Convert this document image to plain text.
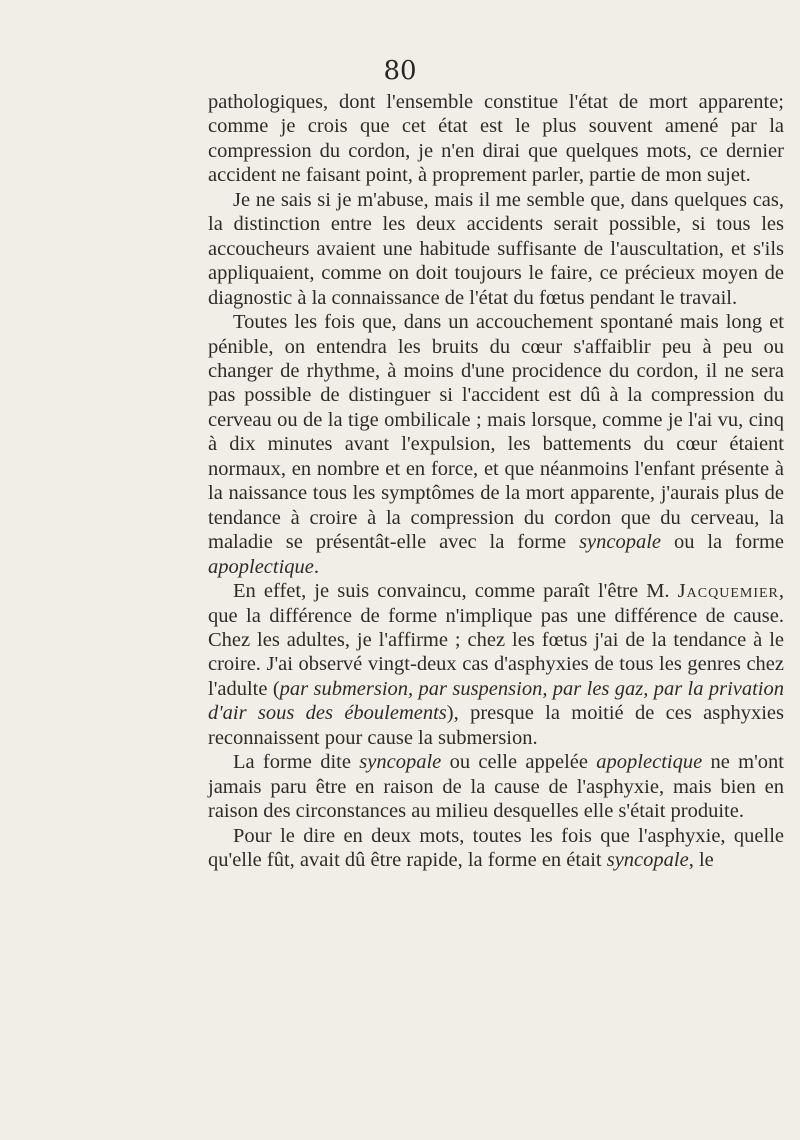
80

pathologiques, dont l'ensemble constitue l'état de mort apparente; comme je crois que cet état est le plus souvent amené par la compression du cordon, je n'en dirai que quelques mots, ce dernier accident ne faisant point, à proprement parler, partie de mon sujet.

Je ne sais si je m'abuse, mais il me semble que, dans quelques cas, la distinction entre les deux accidents serait possible, si tous les accoucheurs avaient une habitude suffisante de l'auscultation, et s'ils appliquaient, comme on doit toujours le faire, ce précieux moyen de diagnostic à la connaissance de l'état du fœtus pendant le travail.

Toutes les fois que, dans un accouchement spontané mais long et pénible, on entendra les bruits du cœur s'affaiblir peu à peu ou changer de rhythme, à moins d'une procidence du cordon, il ne sera pas possible de distinguer si l'accident est dû à la compression du cerveau ou de la tige ombilicale ; mais lorsque, comme je l'ai vu, cinq à dix minutes avant l'expulsion, les battements du cœur étaient normaux, en nombre et en force, et que néanmoins l'enfant présente à la naissance tous les symptômes de la mort apparente, j'aurais plus de tendance à croire à la compression du cordon que du cerveau, la maladie se présentât-elle avec la forme syncopale ou la forme apoplectique.

En effet, je suis convaincu, comme paraît l'être M. Jacquemier, que la différence de forme n'implique pas une différence de cause. Chez les adultes, je l'affirme ; chez les fœtus j'ai de la tendance à le croire. J'ai observé vingt-deux cas d'asphyxies de tous les genres chez l'adulte (par submersion, par suspension, par les gaz, par la privation d'air sous des éboulements), presque la moitié de ces asphyxies reconnaissent pour cause la submersion.

La forme dite syncopale ou celle appelée apoplectique ne m'ont jamais paru être en raison de la cause de l'asphyxie, mais bien en raison des circonstances au milieu desquelles elle s'était produite.

Pour le dire en deux mots, toutes les fois que l'asphyxie, quelle qu'elle fût, avait dû être rapide, la forme en était syncopale, le
